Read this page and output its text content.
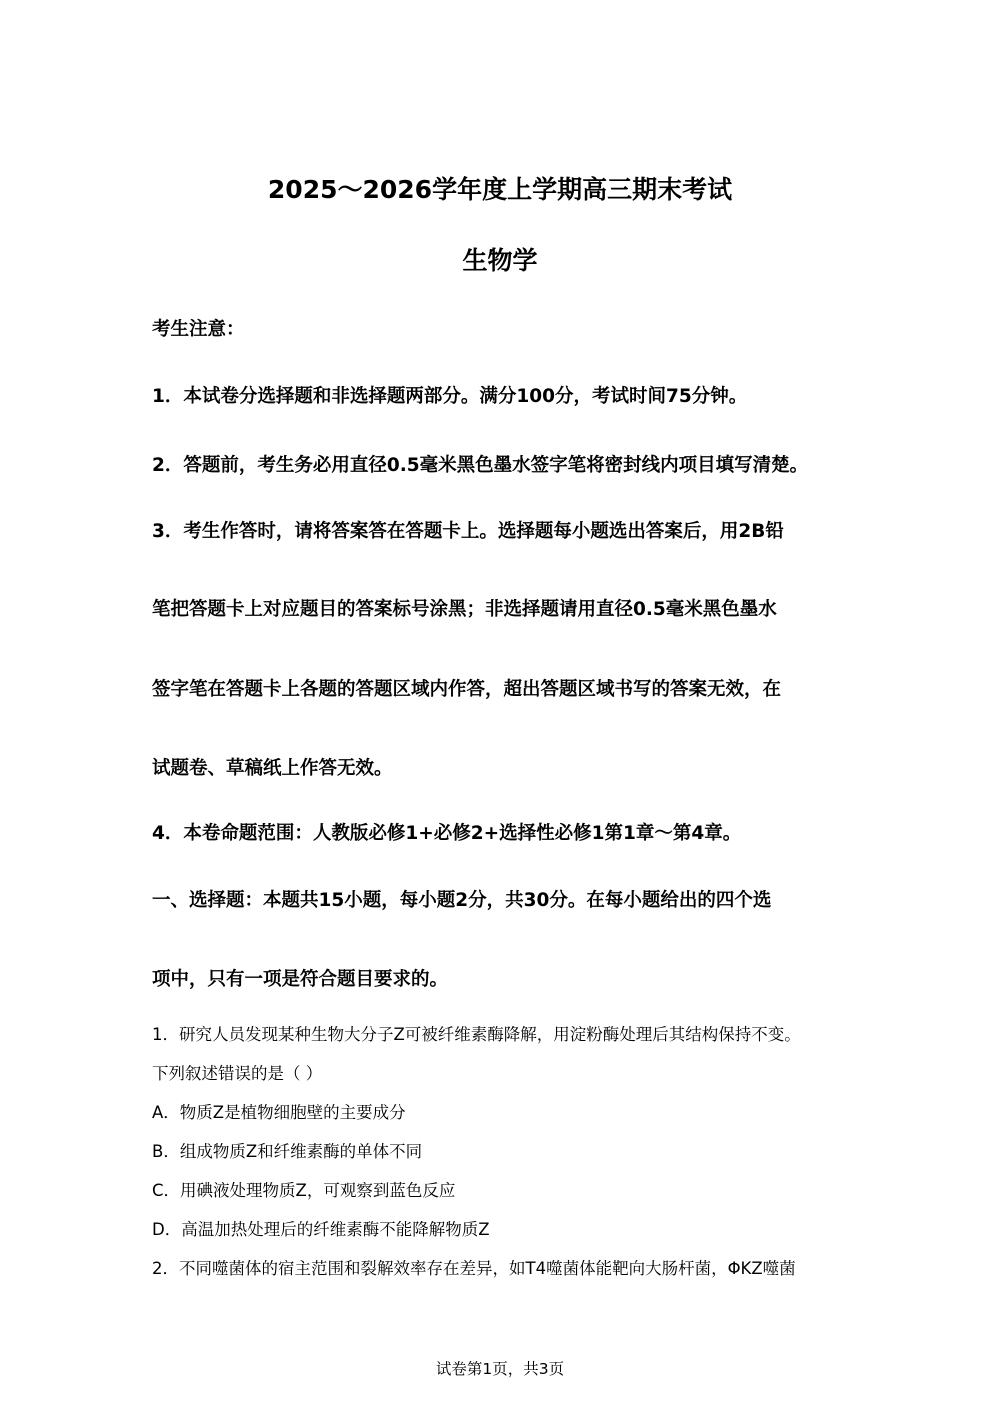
2025～2026学年度上学期高三期末考试
生物学
考生注意：
1．本试卷分选择题和非选择题两部分。满分100分，考试时间75分钟。
2．答题前，考生务必用直径0.5毫米黑色墨水签字笔将密封线内项目填写清楚。
3．考生作答时，请将答案答在答题卡上。选择题每小题选出答案后，用2B铅
笔把答题卡上对应题目的答案标号涂黑；非选择题请用直径0.5毫米黑色墨水
签字笔在答题卡上各题的答题区域内作答，超出答题区域书写的答案无效，在
试题卷、草稿纸上作答无效。
4．本卷命题范围：人教版必修1+必修2+选择性必修1第1章～第4章。
一、选择题：本题共15小题，每小题2分，共30分。在每小题给出的四个选
项中，只有一项是符合题目要求的。
1．研究人员发现某种生物大分子Z可被纤维素酶降解，用淀粉酶处理后其结构保持不变。
下列叙述错误的是（ ）
A．物质Z是植物细胞壁的主要成分
B．组成物质Z和纤维素酶的单体不同
C．用碘液处理物质Z，可观察到蓝色反应
D．高温加热处理后的纤维素酶不能降解物质Z
2．不同噬菌体的宿主范围和裂解效率存在差异，如T4噬菌体能靶向大肠杆菌，ΦKZ噬菌
试卷第1页，共3页
